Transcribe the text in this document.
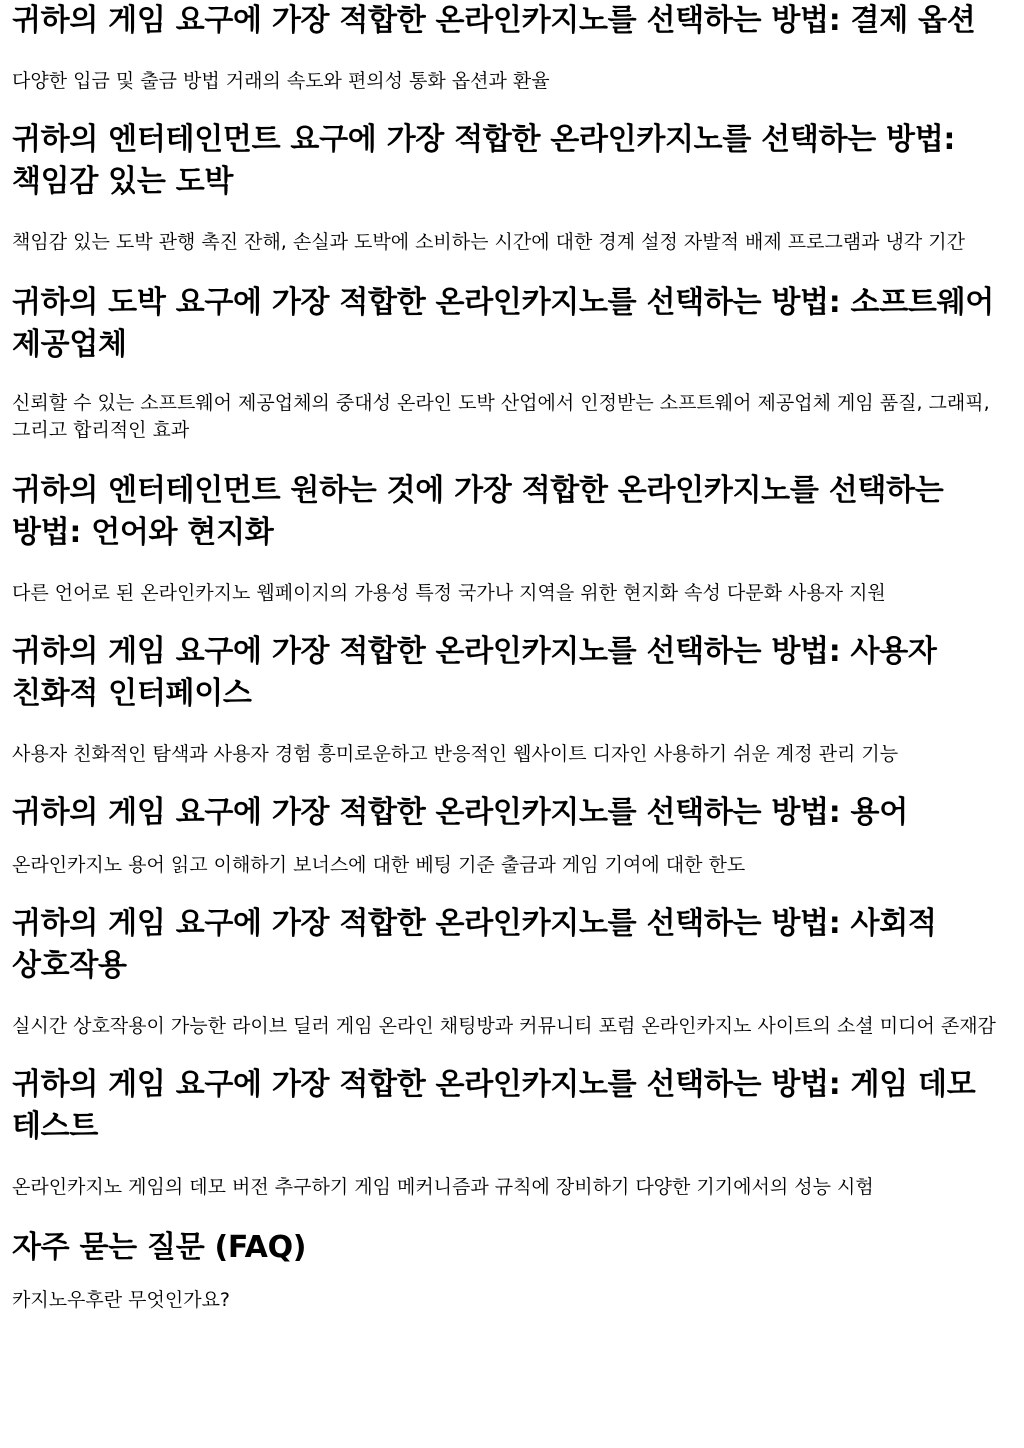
귀하의 게임 요구에 가장 적합한 온라인카지노를 선택하는 방법: 결제 옵션

다양한 입금 및 출금 방법 거래의 속도와 편의성 통화 옵션과 환율

귀하의 엔터테인먼트 요구에 가장 적합한 온라인카지노를 선택하는 방법: 책임감 있는 도박

책임감 있는 도박 관행 촉진 잔해, 손실과 도박에 소비하는 시간에 대한 경계 설정 자발적 배제 프로그램과 냉각 기간

귀하의 도박 요구에 가장 적합한 온라인카지노를 선택하는 방법: 소프트웨어 제공업체

신뢰할 수 있는 소프트웨어 제공업체의 중대성 온라인 도박 산업에서 인정받는 소프트웨어 제공업체 게임 품질, 그래픽, 그리고 합리적인 효과

귀하의 엔터테인먼트 원하는 것에 가장 적합한 온라인카지노를 선택하는 방법: 언어와 현지화

다른 언어로 된 온라인카지노 웹페이지의 가용성 특정 국가나 지역을 위한 현지화 속성 다문화 사용자 지원

귀하의 게임 요구에 가장 적합한 온라인카지노를 선택하는 방법: 사용자 친화적 인터페이스

사용자 친화적인 탐색과 사용자 경험 흥미로운하고 반응적인 웹사이트 디자인 사용하기 쉬운 계정 관리 기능

귀하의 게임 요구에 가장 적합한 온라인카지노를 선택하는 방법: 용어

온라인카지노 용어 읽고 이해하기 보너스에 대한 베팅 기준 출금과 게임 기여에 대한 한도

귀하의 게임 요구에 가장 적합한 온라인카지노를 선택하는 방법: 사회적 상호작용

실시간 상호작용이 가능한 라이브 딜러 게임 온라인 채팅방과 커뮤니티 포럼 온라인카지노 사이트의 소셜 미디어 존재감

귀하의 게임 요구에 가장 적합한 온라인카지노를 선택하는 방법: 게임 데모 테스트

온라인카지노 게임의 데모 버전 추구하기 게임 메커니즘과 규칙에 장비하기 다양한 기기에서의 성능 시험

자주 묻는 질문 (FAQ)

카지노우후란 무엇인가요?
